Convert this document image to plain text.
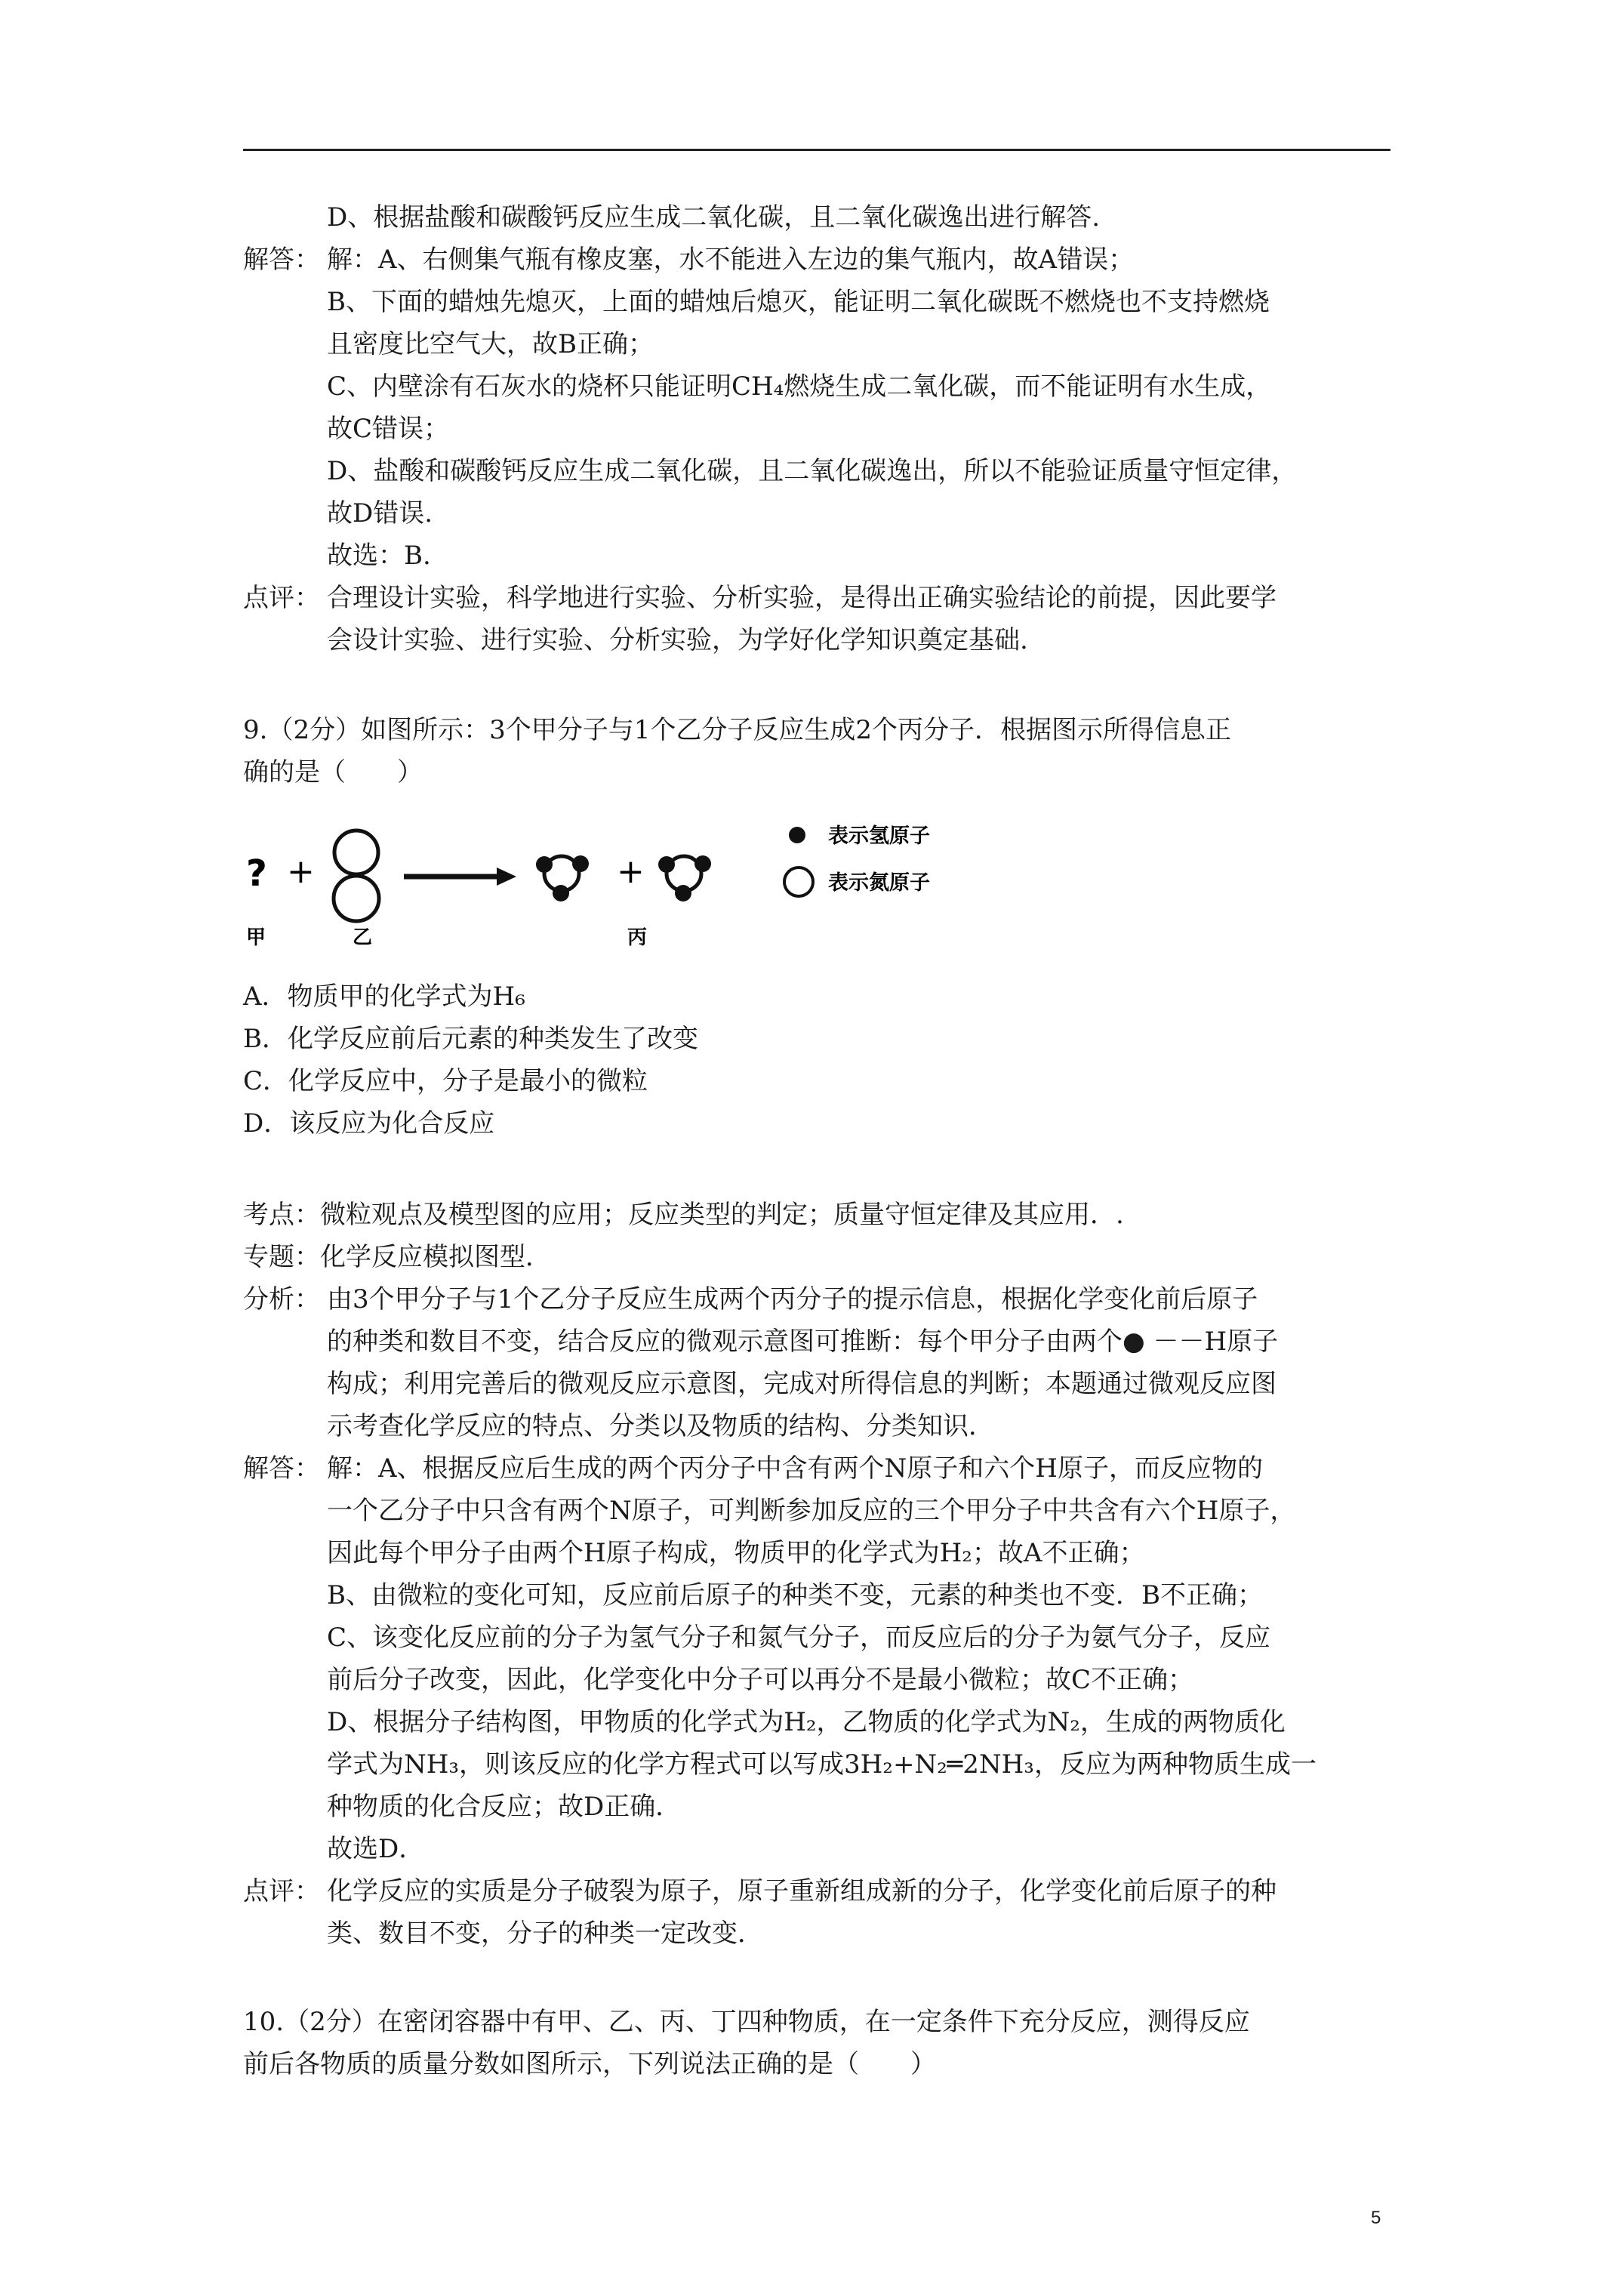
D、根据盐酸和碳酸钙反应生成二氧化碳，且二氧化碳逸出进行解答.
解答： 解：A、右侧集气瓶有橡皮塞，水不能进入左边的集气瓶内，故A错误；
B、下面的蜡烛先熄灭，上面的蜡烛后熄灭，能证明二氧化碳既不燃烧也不支持燃烧
且密度比空气大，故B正确；
C、内壁涂有石灰水的烧杯只能证明CH₄燃烧生成二氧化碳，而不能证明有水生成，
故C错误；
D、盐酸和碳酸钙反应生成二氧化碳，且二氧化碳逸出，所以不能验证质量守恒定律，
故D错误.
故选：B.
点评： 合理设计实验，科学地进行实验、分析实验，是得出正确实验结论的前提，因此要学
会设计实验、进行实验、分析实验，为学好化学知识奠定基础.
9.（2分）如图所示：3个甲分子与1个乙分子反应生成2个丙分子．根据图示所得信息正
确的是（　　）
? +	+
表示氢原子
表示氮原子
甲	乙	丙
A．物质甲的化学式为H₆
B．化学反应前后元素的种类发生了改变
C．化学反应中，分子是最小的微粒
D．该反应为化合反应
考点：微粒观点及模型图的应用；反应类型的判定；质量守恒定律及其应用．.
专题：化学反应模拟图型．
分析： 由3个甲分子与1个乙分子反应生成两个丙分子的提示信息，根据化学变化前后原子
的种类和数目不变，结合反应的微观示意图可推断：每个甲分子由两个● －－H原子
构成；利用完善后的微观反应示意图，完成对所得信息的判断；本题通过微观反应图
示考查化学反应的特点、分类以及物质的结构、分类知识．
解答： 解：A、根据反应后生成的两个丙分子中含有两个N原子和六个H原子，而反应物的
一个乙分子中只含有两个N原子，可判断参加反应的三个甲分子中共含有六个H原子，
因此每个甲分子由两个H原子构成，物质甲的化学式为H₂；故A不正确；
B、由微粒的变化可知，反应前后原子的种类不变，元素的种类也不变．B不正确；
C、该变化反应前的分子为氢气分子和氮气分子，而反应后的分子为氨气分子，反应
前后分子改变，因此，化学变化中分子可以再分不是最小微粒；故C不正确；
D、根据分子结构图，甲物质的化学式为H₂，乙物质的化学式为N₂，生成的两物质化
学式为NH₃，则该反应的化学方程式可以写成3H₂+N₂═2NH₃，反应为两种物质生成一
种物质的化合反应；故D正确．
故选D．
点评： 化学反应的实质是分子破裂为原子，原子重新组成新的分子，化学变化前后原子的种
类、数目不变，分子的种类一定改变．
10.（2分）在密闭容器中有甲、乙、丙、丁四种物质，在一定条件下充分反应，测得反应
前后各物质的质量分数如图所示，下列说法正确的是（　　）
5
